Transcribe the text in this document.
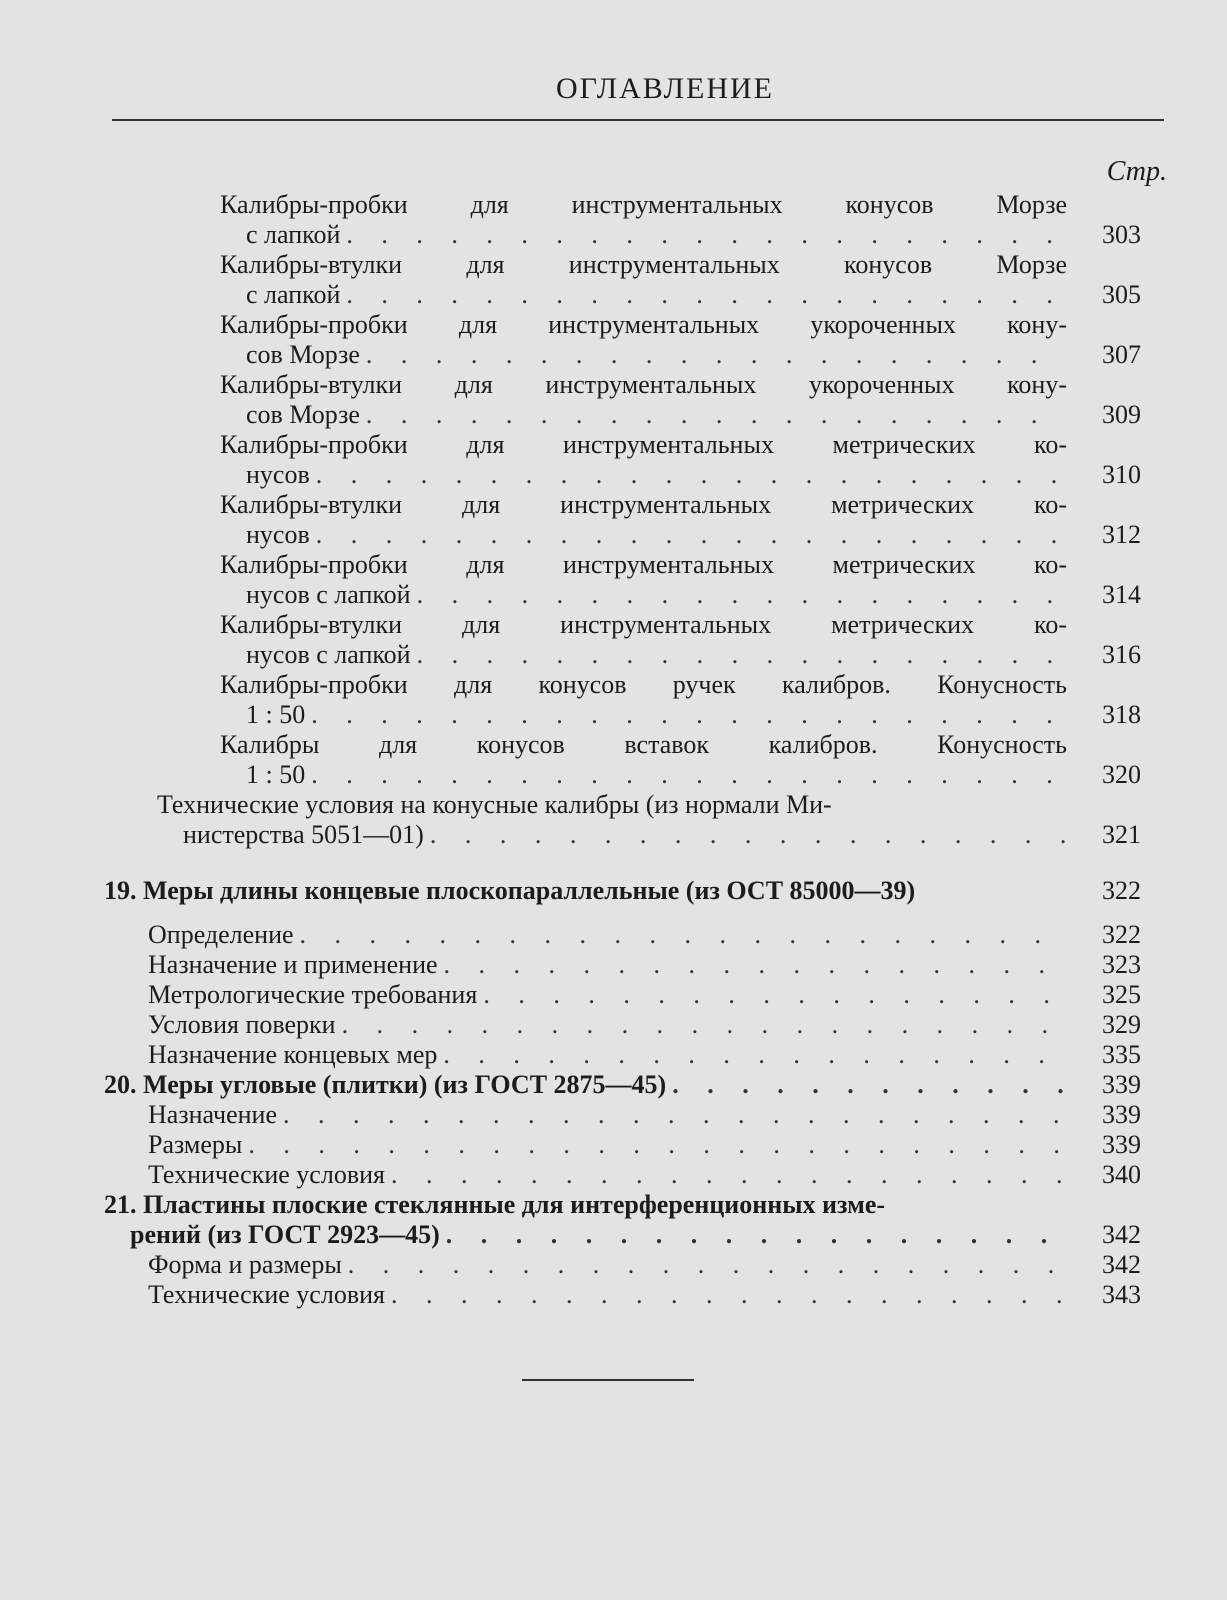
ОГЛАВЛЕНИЕ
Стр.
Калибры-пробки для инструментальных конусов Морзе
с лапкой . . .	303
Калибры-втулки для инструментальных конусов Морзе
с лапкой . . .	305
Калибры-пробки для инструментальных укороченных кону-
сов Морзе . . .	307
Калибры-втулки для инструментальных укороченных кону-
сов Морзе . . .	309
Калибры-пробки для инструментальных метрических ко-
нусов . . .	310
Калибры-втулки для инструментальных метрических ко-
нусов . . .	312
Калибры-пробки для инструментальных метрических ко-
нусов с лапкой . . .	314
Калибры-втулки для инструментальных метрических ко-
нусов с лапкой . . .	316
Калибры-пробки для конусов ручек калибров. Конусность
1 : 50 . . .	318
Калибры для конусов вставок калибров. Конусность
1 : 50 . . .	320
Технические условия на конусные калибры (из нормали Ми-
нистерства 5051—01) . . .	321
19. Меры длины концевые плоскопараллельные (из ОСТ 85000—39)	322
Определение . . .	322
Назначение и применение . . .	323
Метрологические требования . . .	325
Условия поверки . . .	329
Назначение концевых мер . . .	335
20. Меры угловые (плитки) (из ГОСТ 2875—45) . . .	339
Назначение . . .	339
Размеры . . .	339
Технические условия . . .	340
21. Пластины плоские стеклянные для интерференционных изме-
рений (из ГОСТ 2923—45) . . .	342
Форма и размеры . . .	342
Технические условия . . .	343
